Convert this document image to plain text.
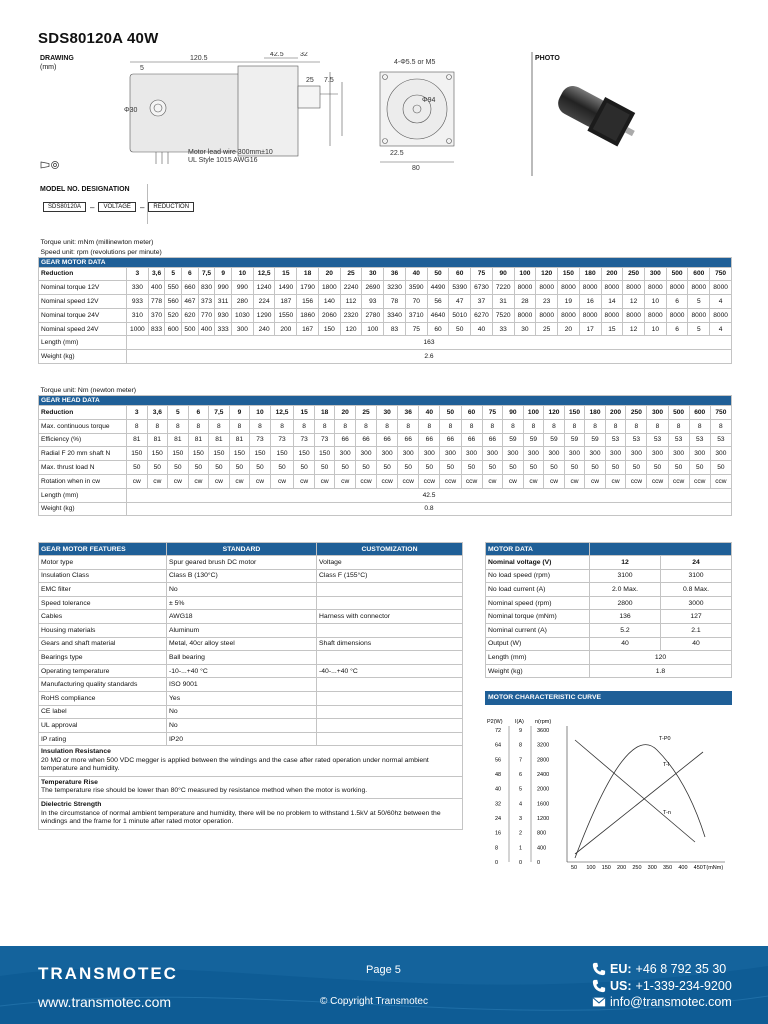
SDS80120A 40W
120.5
42.5 32
5
25 7.5
Φ30
Motor lead wire 300mm±10
UL Style 1015 AWG16
4-Φ5.5 or M5
80
22.5
Φ94
DRAWING
(mm)
PHOTO
MODEL NO. DESIGNATION
SDS80120A	–	VOLTAGE	–	REDUCTION
Torque unit: mNm (millinewton meter)																													
Speed unit: rpm (revolutions per minute)																													
GEAR MOTOR DATA																													
Reduction	3	3,6	5	6	7,5	9	10	12,5	15	18	20	25	30	36	40	50	60	75	90	100	120	150	180	200	250	300	500	600	750
Nominal torque 12V	330	400	550	660	830	990	990	1240	1490	1790	1800	2240	2690	3230	3590	4490	5390	6730	7220	8000	8000	8000	8000	8000	8000	8000	8000	8000	8000
Nominal speed 12V	933	778	560	467	373	311	280	224	187	156	140	112	93	78	70	56	47	37	31	28	23	19	16	14	12	10	6	5	4
Nominal torque 24V	310	370	520	620	770	930	1030	1290	1550	1860	2060	2320	2780	3340	3710	4640	5010	6270	7520	8000	8000	8000	8000	8000	8000	8000	8000	8000	8000
Nominal speed 24V	1000	833	600	500	400	333	300	240	200	167	150	120	100	83	75	60	50	40	33	30	25	20	17	15	12	10	6	5	4
Length (mm)	163																												
Weight (kg)	2.6																												
Torque unit: Nm (newton meter)																													
GEAR HEAD DATA																													
Reduction	3	3,6	5	6	7,5	9	10	12,5	15	18	20	25	30	36	40	50	60	75	90	100	120	150	180	200	250	300	500	600	750
Max. continuous torque	8	8	8	8	8	8	8	8	8	8	8	8	8	8	8	8	8	8	8	8	8	8	8	8	8	8	8	8	8
Efficiency (%)	81	81	81	81	81	81	73	73	73	73	66	66	66	66	66	66	66	66	59	59	59	59	59	53	53	53	53	53	53
Radial F 20 mm shaft N	150	150	150	150	150	150	150	150	150	150	300	300	300	300	300	300	300	300	300	300	300	300	300	300	300	300	300	300	300
Max. thrust load N	50	50	50	50	50	50	50	50	50	50	50	50	50	50	50	50	50	50	50	50	50	50	50	50	50	50	50	50	50
Rotation when in cw	cw	cw	cw	cw	cw	cw	cw	cw	cw	cw	cw	ccw	ccw	ccw	ccw	ccw	ccw	cw	cw	cw	cw	cw	cw	cw	ccw	ccw	ccw	ccw	ccw
Length (mm)	42.5																												
Weight (kg)	0.8																												
GEAR MOTOR FEATURES	STANDARD	CUSTOMIZATION
Motor type	Spur geared brush DC motor	Voltage
Insulation Class	Class B (130°C)	Class F (155°C)
EMC filter	No	
Speed tolerance	± 5%	
Cables	AWG18	Harness with connector
Housing materials	Aluminum	
Gears and shaft material	Metal, 40cr alloy steel	Shaft dimensions
Bearings type	Ball bearing	
Operating temperature	-10-...+40 °C	-40-...+40 °C
Manufacturing quality standards	ISO 9001	
RoHS compliance	Yes	
CE label	No	
UL approval	No	
IP rating	IP20	

Insulation Resistance
20 MΩ or more when 500 VDC megger is applied between the windings and the case after rated operation under normal ambient temperature and humidity.		

Temperature Rise
The temperature rise should be lower than 80°C measured by resistance method when the motor is working.		

Dielectric Strength
In the circumstance of normal ambient temperature and humidity, there will be no problem to withstand 1.5kV at 50/60hz between the windings and the frame for 1 minute after rated motor operation.		
MOTOR DATA		
Nominal voltage (V)	12	24
No load speed (rpm)	3100	3100
No load current (A)	2.0 Max.	0.8 Max.
Nominal speed (rpm)	2800	3000
Nominal torque (mNm)	136	127
Nominal current (A)	5.2	2.1
Output (W)	40	40
Length (mm)	120	
Weight (kg)	1.8	
MOTOR CHARACTERISTIC CURVE
P2(W) I(A) n(rpm)
72	9	3600
64	8	3200
56	7	2800
48	6	2400
40	5	2000
32	4	1600
24	3	1200
16	2	800
8	1	400
0	0	0
50 100 150 200 250 300 350 400 450 T(mNm)
T-P0
T-I
T-n
TRANSMOTEC
www.transmotec.com
Page 5
© Copyright Transmotec
EU: +46 8 792 35 30
US: +1-339-234-9200
info@transmotec.com
